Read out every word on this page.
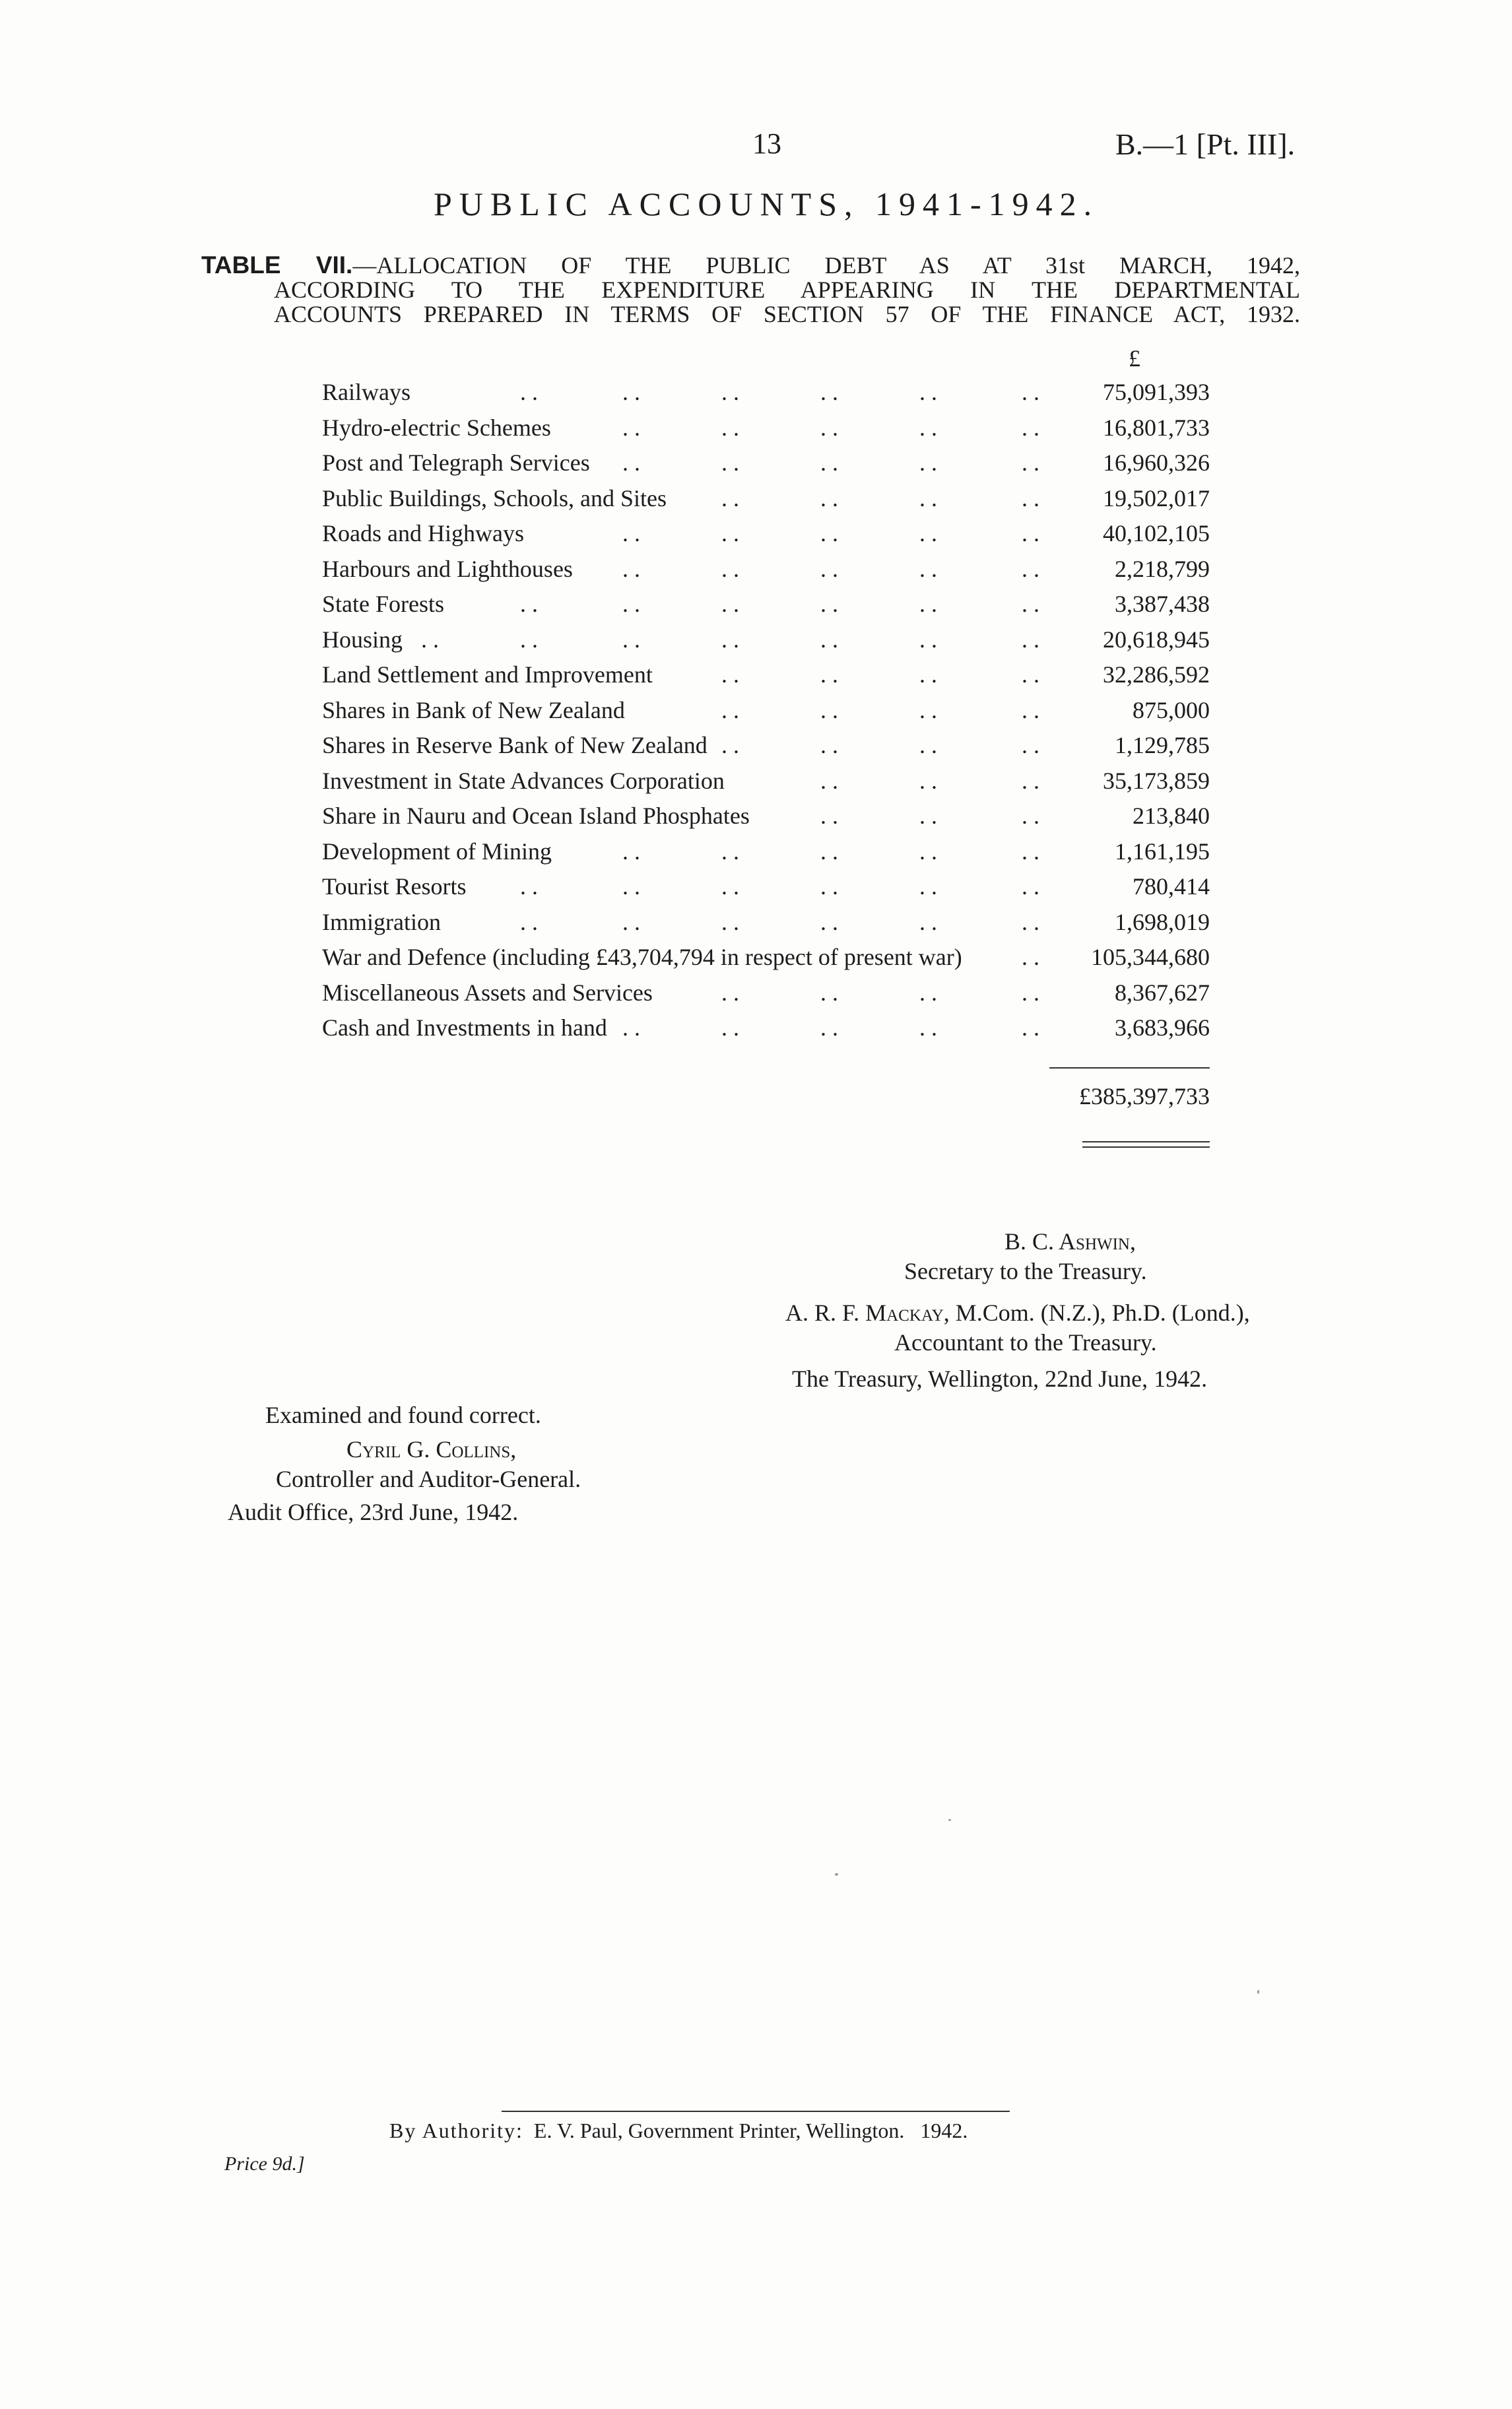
13	B.—1 [Pt. III].
PUBLIC ACCOUNTS, 1941-1942.
TABLE VII.—ALLOCATION OF THE PUBLIC DEBT AS AT 31st MARCH, 1942,
ACCORDING TO THE EXPENDITURE APPEARING IN THE DEPARTMENTAL
ACCOUNTS PREPARED IN TERMS OF SECTION 57 OF THE FINANCE ACT, 1932.
£
Railways	75,091,393
. .	. .	. .	. .	. .	. .
Hydro-electric Schemes	16,801,733
. .	. .	. .	. .	. .
Post and Telegraph Services	16,960,326
. .	. .	. .	. .	. .
Public Buildings, Schools, and Sites	19,502,017
. .	. .	. .	. .
Roads and Highways	40,102,105
. .	. .	. .	. .	. .
Harbours and Lighthouses	2,218,799
. .	. .	. .	. .	. .
State Forests	3,387,438
. .	. .	. .	. .	. .	. .
Housing	20,618,945
. .	. .	. .	. .	. .	. .	. .
Land Settlement and Improvement	32,286,592
. .	. .	. .	. .
Shares in Bank of New Zealand	875,000
. .	. .	. .	. .
Shares in Reserve Bank of New Zealand	1,129,785
. .	. .	. .	. .
Investment in State Advances Corporation	35,173,859
. .	. .	. .
Share in Nauru and Ocean Island Phosphates	213,840
. .	. .	. .
Development of Mining	1,161,195
. .	. .	. .	. .	. .
Tourist Resorts	780,414
. .	. .	. .	. .	. .	. .
Immigration	1,698,019
. .	. .	. .	. .	. .	. .
War and Defence (including £43,704,794 in respect of present war)	105,344,680
. .
Miscellaneous Assets and Services	8,367,627
. .	. .	. .	. .
Cash and Investments in hand	3,683,966
. .	. .	. .	. .	. .
£385,397,733
B. C. Ashwin,
Secretary to the Treasury.
A. R. F. Mackay, M.Com. (N.Z.), Ph.D. (Lond.),
Accountant to the Treasury.
The Treasury, Wellington, 22nd June, 1942.
Examined and found correct.
Cyril G. Collins,
Controller and Auditor-General.
Audit Office, 23rd June, 1942.
By Authority: E. V. Paul, Government Printer, Wellington. 1942.
Price 9d.]
